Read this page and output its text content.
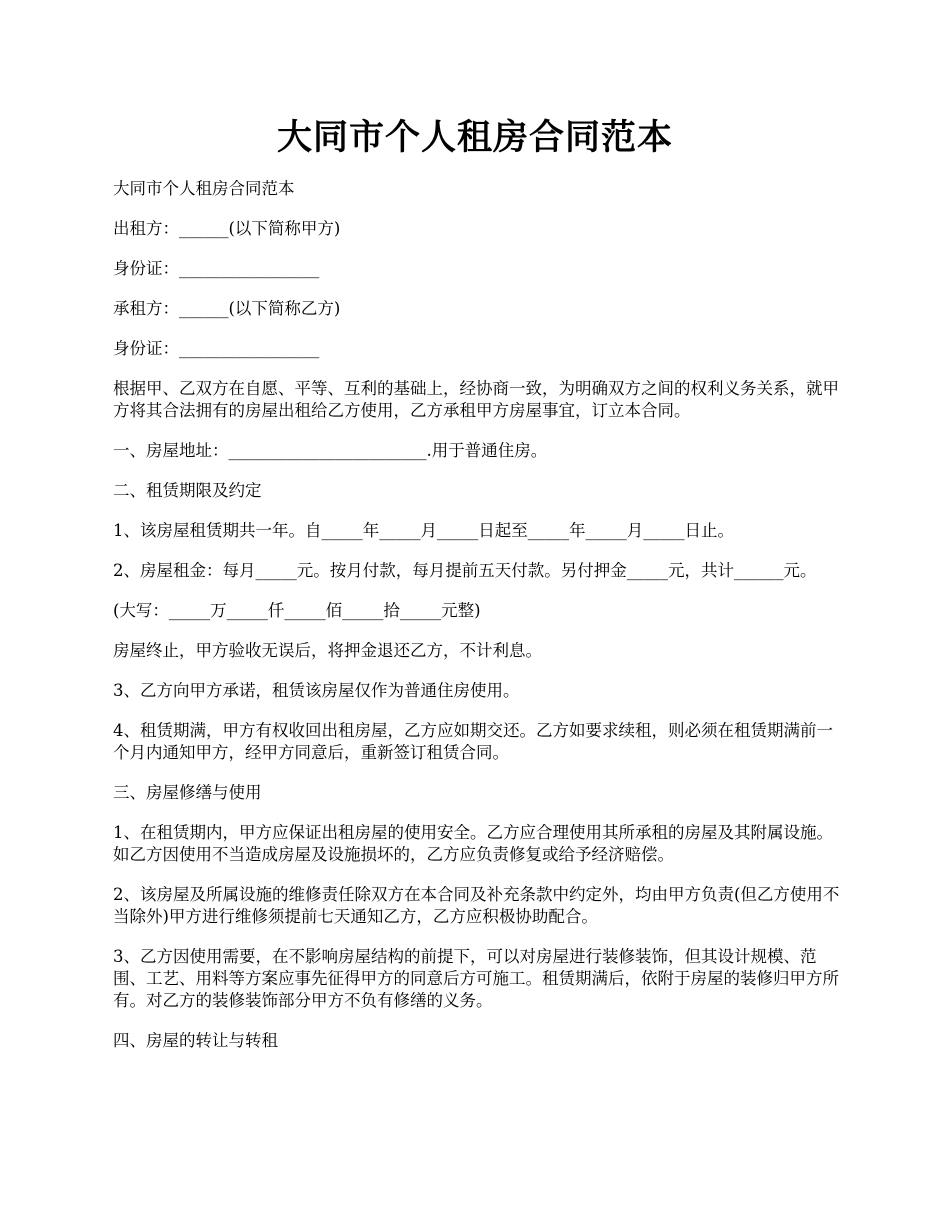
大同市个人租房合同范本

大同市个人租房合同范本

出租方：______(以下简称甲方)

身份证：_________________

承租方：______(以下简称乙方)

身份证：_________________

根据甲、乙双方在自愿、平等、互利的基础上，经协商一致，为明确双方之间的权利义务关系，就甲方将其合法拥有的房屋出租给乙方使用，乙方承租甲方房屋事宜，订立本合同。

一、房屋地址：________________________.用于普通住房。

二、租赁期限及约定

1、该房屋租赁期共一年。自_____年_____月_____日起至_____年_____月_____日止。

2、房屋租金：每月_____元。按月付款，每月提前五天付款。另付押金_____元，共计______元。

(大写：_____万_____仟_____佰_____拾_____元整)

房屋终止，甲方验收无误后，将押金退还乙方，不计利息。

3、乙方向甲方承诺，租赁该房屋仅作为普通住房使用。

4、租赁期满，甲方有权收回出租房屋，乙方应如期交还。乙方如要求续租，则必须在租赁期满前一个月内通知甲方，经甲方同意后，重新签订租赁合同。

三、房屋修缮与使用

1、在租赁期内，甲方应保证出租房屋的使用安全。乙方应合理使用其所承租的房屋及其附属设施。如乙方因使用不当造成房屋及设施损坏的，乙方应负责修复或给予经济赔偿。

2、该房屋及所属设施的维修责任除双方在本合同及补充条款中约定外，均由甲方负责(但乙方使用不当除外)甲方进行维修须提前七天通知乙方，乙方应积极协助配合。

3、乙方因使用需要，在不影响房屋结构的前提下，可以对房屋进行装修装饰，但其设计规模、范围、工艺、用料等方案应事先征得甲方的同意后方可施工。租赁期满后，依附于房屋的装修归甲方所有。对乙方的装修装饰部分甲方不负有修缮的义务。

四、房屋的转让与转租
